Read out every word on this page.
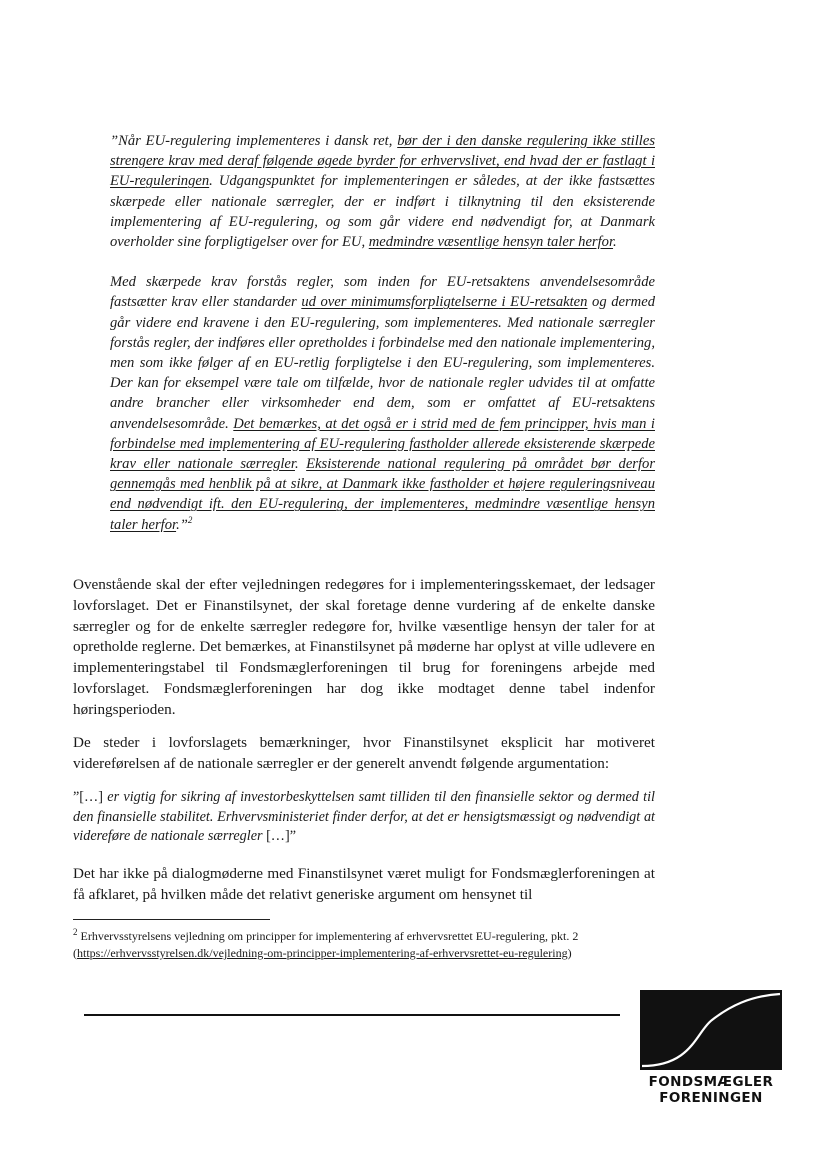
”Når EU-regulering implementeres i dansk ret, bør der i den danske regulering ikke stilles strengere krav med deraf følgende øgede byrder for erhvervslivet, end hvad der er fastlagt i EU-reguleringen. Udgangspunktet for implementeringen er således, at der ikke fastsættes skærpede eller nationale særregler, der er indført i tilknytning til den eksisterende implementering af EU-regulering, og som går videre end nødvendigt for, at Danmark overholder sine forpligtigelser over for EU, medmindre væsentlige hensyn taler herfor.

Med skærpede krav forstås regler, som inden for EU-retsaktens anvendelsesområde fastsætter krav eller standarder ud over minimumsforpligtelserne i EU-retsakten og dermed går videre end kravene i den EU-regulering, som implementeres. Med nationale særregler forstås regler, der indføres eller opretholdes i forbindelse med den nationale implementering, men som ikke følger af en EU-retlig forpligtelse i den EU-regulering, som implementeres. Der kan for eksempel være tale om tilfælde, hvor de nationale regler udvides til at omfatte andre brancher eller virksomheder end dem, som er omfattet af EU-retsaktens anvendelsesområde. Det bemærkes, at det også er i strid med de fem principper, hvis man i forbindelse med implementering af EU-regulering fastholder allerede eksisterende skærpede krav eller nationale særregler. Eksisterende national regulering på området bør derfor gennemgås med henblik på at sikre, at Danmark ikke fastholder et højere reguleringsniveau end nødvendigt ift. den EU-regulering, der implementeres, medmindre væsentlige hensyn taler herfor.”$^2$

Ovenstående skal der efter vejledningen redegøres for i implementeringsskemaet, der ledsager lovforslaget. Det er Finanstilsynet, der skal foretage denne vurdering af de enkelte danske særregler og for de enkelte særregler redegøre for, hvilke væsentlige hensyn der taler for at opretholde reglerne. Det bemærkes, at Finanstilsynet på møderne har oplyst at ville udlevere en implementeringstabel til Fondsmæglerforeningen til brug for foreningens arbejde med lovforslaget. Fondsmæglerforeningen har dog ikke modtaget denne tabel indenfor høringsperioden.

De steder i lovforslagets bemærkninger, hvor Finanstilsynet eksplicit har motiveret videreførelsen af de nationale særregler er der generelt anvendt følgende argumentation:

”[…] er vigtig for sikring af investorbeskyttelsen samt tilliden til den finansielle sektor og dermed til den finansielle stabilitet. Erhvervsministeriet finder derfor, at det er hensigtsmæssigt og nødvendigt at videreføre de nationale særregler […]”

Det har ikke på dialogmøderne med Finanstilsynet været muligt for Fondsmæglerforeningen at få afklaret, på hvilken måde det relativt generiske argument om hensynet til

$^2$ Erhvervsstyrelsens vejledning om principper for implementering af erhvervsrettet EU-regulering, pkt. 2 (https://erhvervsstyrelsen.dk/vejledning-om-principper-implementering-af-erhvervsrettet-eu-regulering)
FONDSMÆGLER
FORENINGEN
